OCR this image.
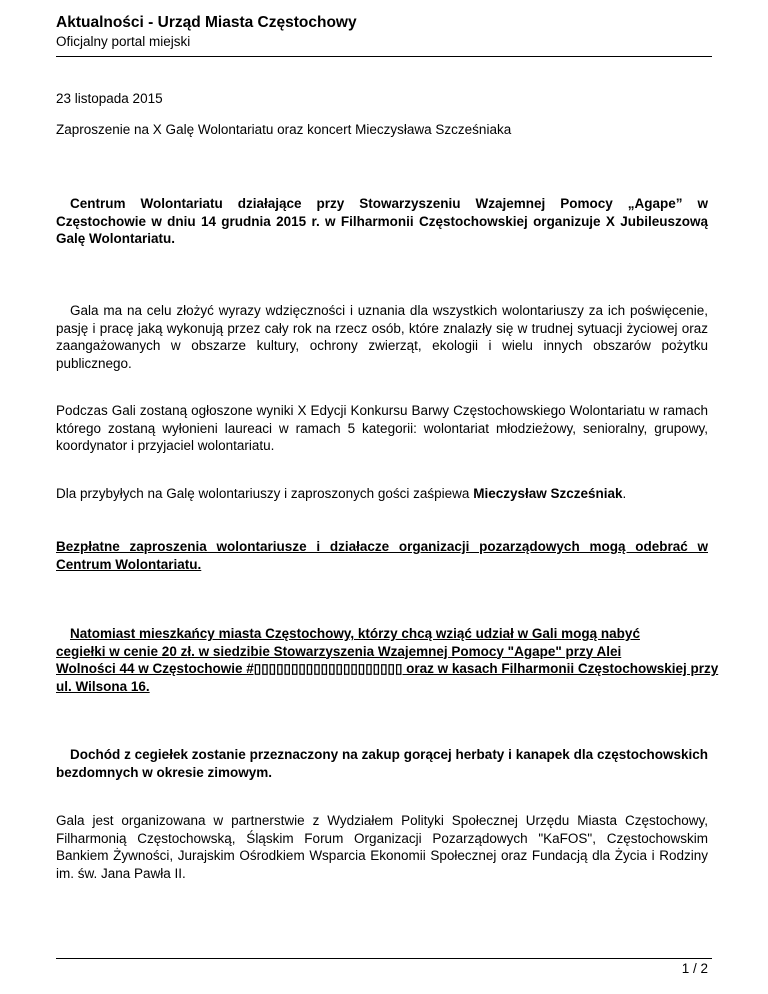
Aktualności - Urząd Miasta Częstochowy
Oficjalny portal miejski
23 listopada 2015
Zaproszenie na X Galę Wolontariatu oraz koncert Mieczysława Szcześniaka

Centrum Wolontariatu działające przy Stowarzyszeniu Wzajemnej Pomocy „Agape” w Częstochowie w dniu 14 grudnia 2015 r. w Filharmonii Częstochowskiej organizuje X Jubileuszową Galę Wolontariatu.

Gala ma na celu złożyć wyrazy wdzięczności i uznania dla wszystkich wolontariuszy za ich poświęcenie, pasję i pracę jaką wykonują przez cały rok na rzecz osób, które znalazły się w trudnej sytuacji życiowej oraz zaangażowanych w obszarze kultury, ochrony zwierząt, ekologii i wielu innych obszarów pożytku publicznego.

Podczas Gali zostaną ogłoszone wyniki X Edycji Konkursu Barwy Częstochowskiego Wolontariatu w ramach którego zostaną wyłonieni laureaci w ramach 5 kategorii: wolontariat młodzieżowy, senioralny, grupowy, koordynator i przyjaciel wolontariatu.

Dla przybyłych na Galę wolontariuszy i zaproszonych gości zaśpiewa Mieczysław Szcześniak.

Bezpłatne zaproszenia wolontariusze i działacze organizacji pozarządowych mogą odebrać w Centrum Wolontariatu.

Natomiast mieszkańcy miasta Częstochowy, którzy chcą wziąć udział w Gali mogą nabyć
cegiełki w cenie 20 zł. w siedzibie Stowarzyszenia Wzajemnej Pomocy "Agape" przy Alei
Wolności 44 w Częstochowie #▯▯▯▯▯▯▯▯▯▯▯▯▯▯▯▯▯▯▯▯ oraz w kasach Filharmonii Częstochowskiej przy
ul. Wilsona 16.

Dochód z cegiełek zostanie przeznaczony na zakup gorącej herbaty i kanapek dla częstochowskich bezdomnych w okresie zimowym.

Gala jest organizowana w partnerstwie z Wydziałem Polityki Społecznej Urzędu Miasta Częstochowy, Filharmonią Częstochowską, Śląskim Forum Organizacji Pozarządowych "KaFOS", Częstochowskim Bankiem Żywności, Jurajskim Ośrodkiem Wsparcia Ekonomii Społecznej oraz Fundacją dla Życia i Rodziny im. św. Jana Pawła II.

1 / 2
